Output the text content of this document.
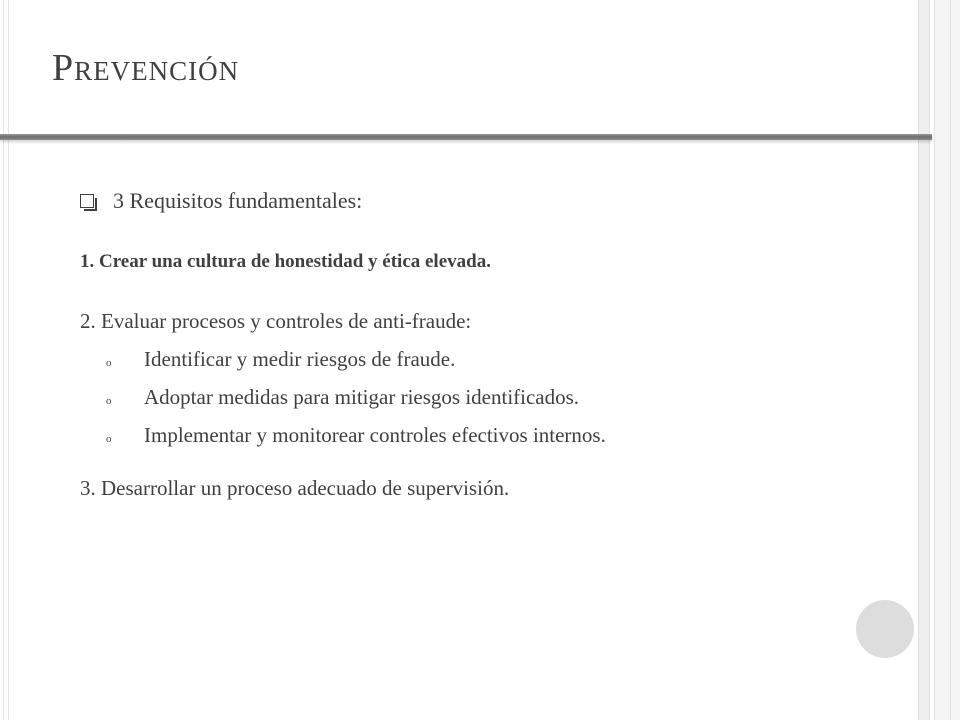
Prevención
3 Requisitos fundamentales:
1. Crear una cultura de honestidad y ética elevada.
2. Evaluar procesos y controles de anti-fraude:
o Identificar y medir riesgos de fraude.
o Adoptar medidas para mitigar riesgos identificados.
o Implementar y monitorear controles efectivos internos.
3. Desarrollar un proceso adecuado de supervisión.
